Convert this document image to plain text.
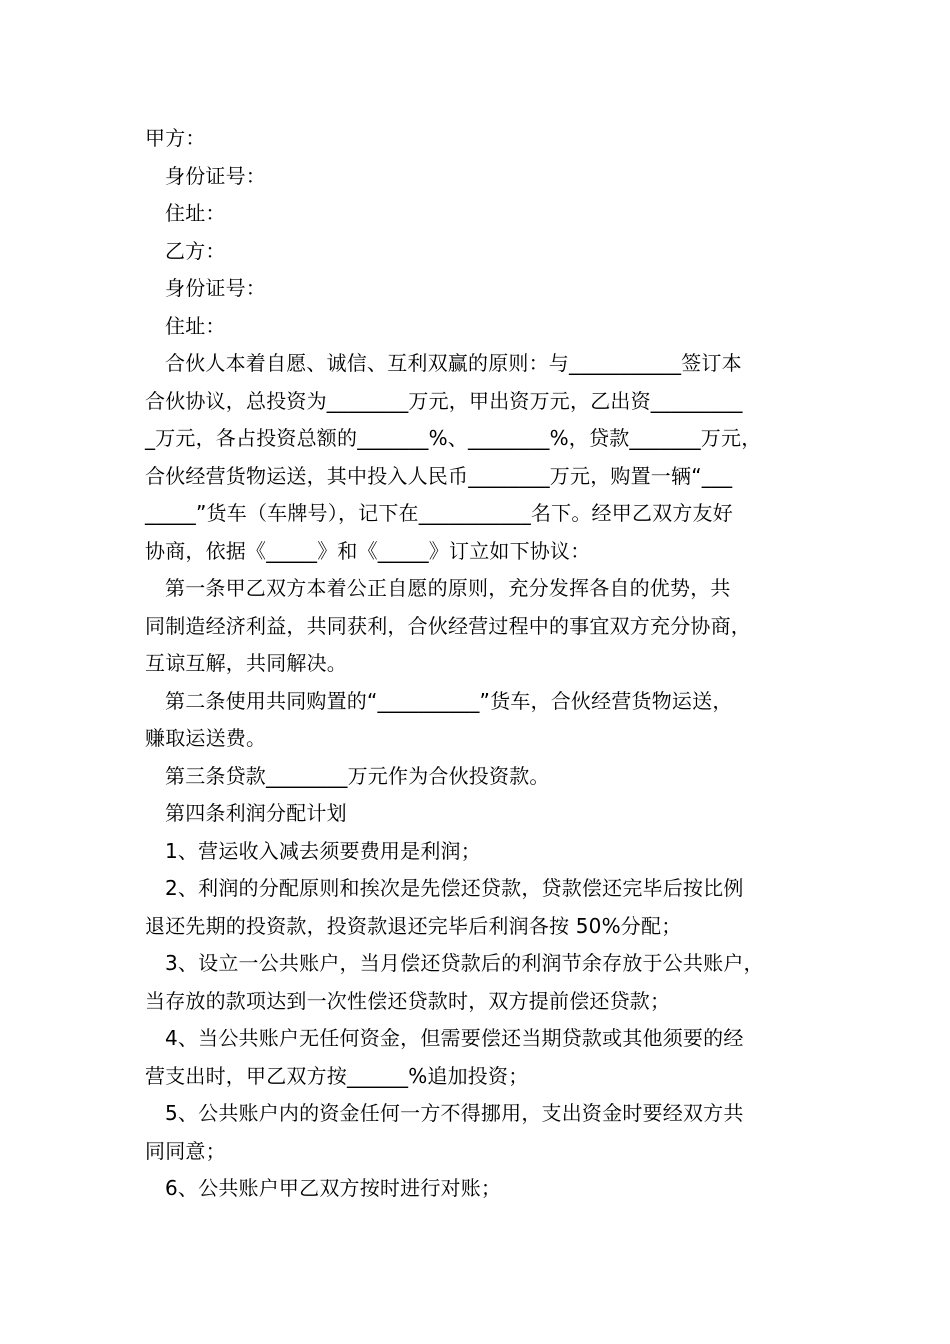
甲方：
身份证号：
住址：
乙方：
身份证号：
住址：
合伙人本着自愿、诚信、互利双赢的原则：与___________签订本
合伙协议，总投资为________万元，甲出资万元，乙出资_________
_万元，各占投资总额的_______%、________%，贷款_______万元，
合伙经营货物运送，其中投入人民币________万元，购置一辆“___
_____”货车（车牌号），记下在___________名下。经甲乙双方友好
协商，依据《_____》和《_____》订立如下协议：
第一条甲乙双方本着公正自愿的原则，充分发挥各自的优势，共
同制造经济利益，共同获利，合伙经营过程中的事宜双方充分协商，
互谅互解，共同解决。
第二条使用共同购置的“__________”货车，合伙经营货物运送，
赚取运送费。
第三条贷款________万元作为合伙投资款。
第四条利润分配计划
1、营运收入减去须要费用是利润；
2、利润的分配原则和挨次是先偿还贷款，贷款偿还完毕后按比例
退还先期的投资款，投资款退还完毕后利润各按 50%分配；
3、设立一公共账户，当月偿还贷款后的利润节余存放于公共账户，
当存放的款项达到一次性偿还贷款时，双方提前偿还贷款；
4、当公共账户无任何资金，但需要偿还当期贷款或其他须要的经
营支出时，甲乙双方按______%追加投资；
5、公共账户内的资金任何一方不得挪用，支出资金时要经双方共
同同意；
6、公共账户甲乙双方按时进行对账；
